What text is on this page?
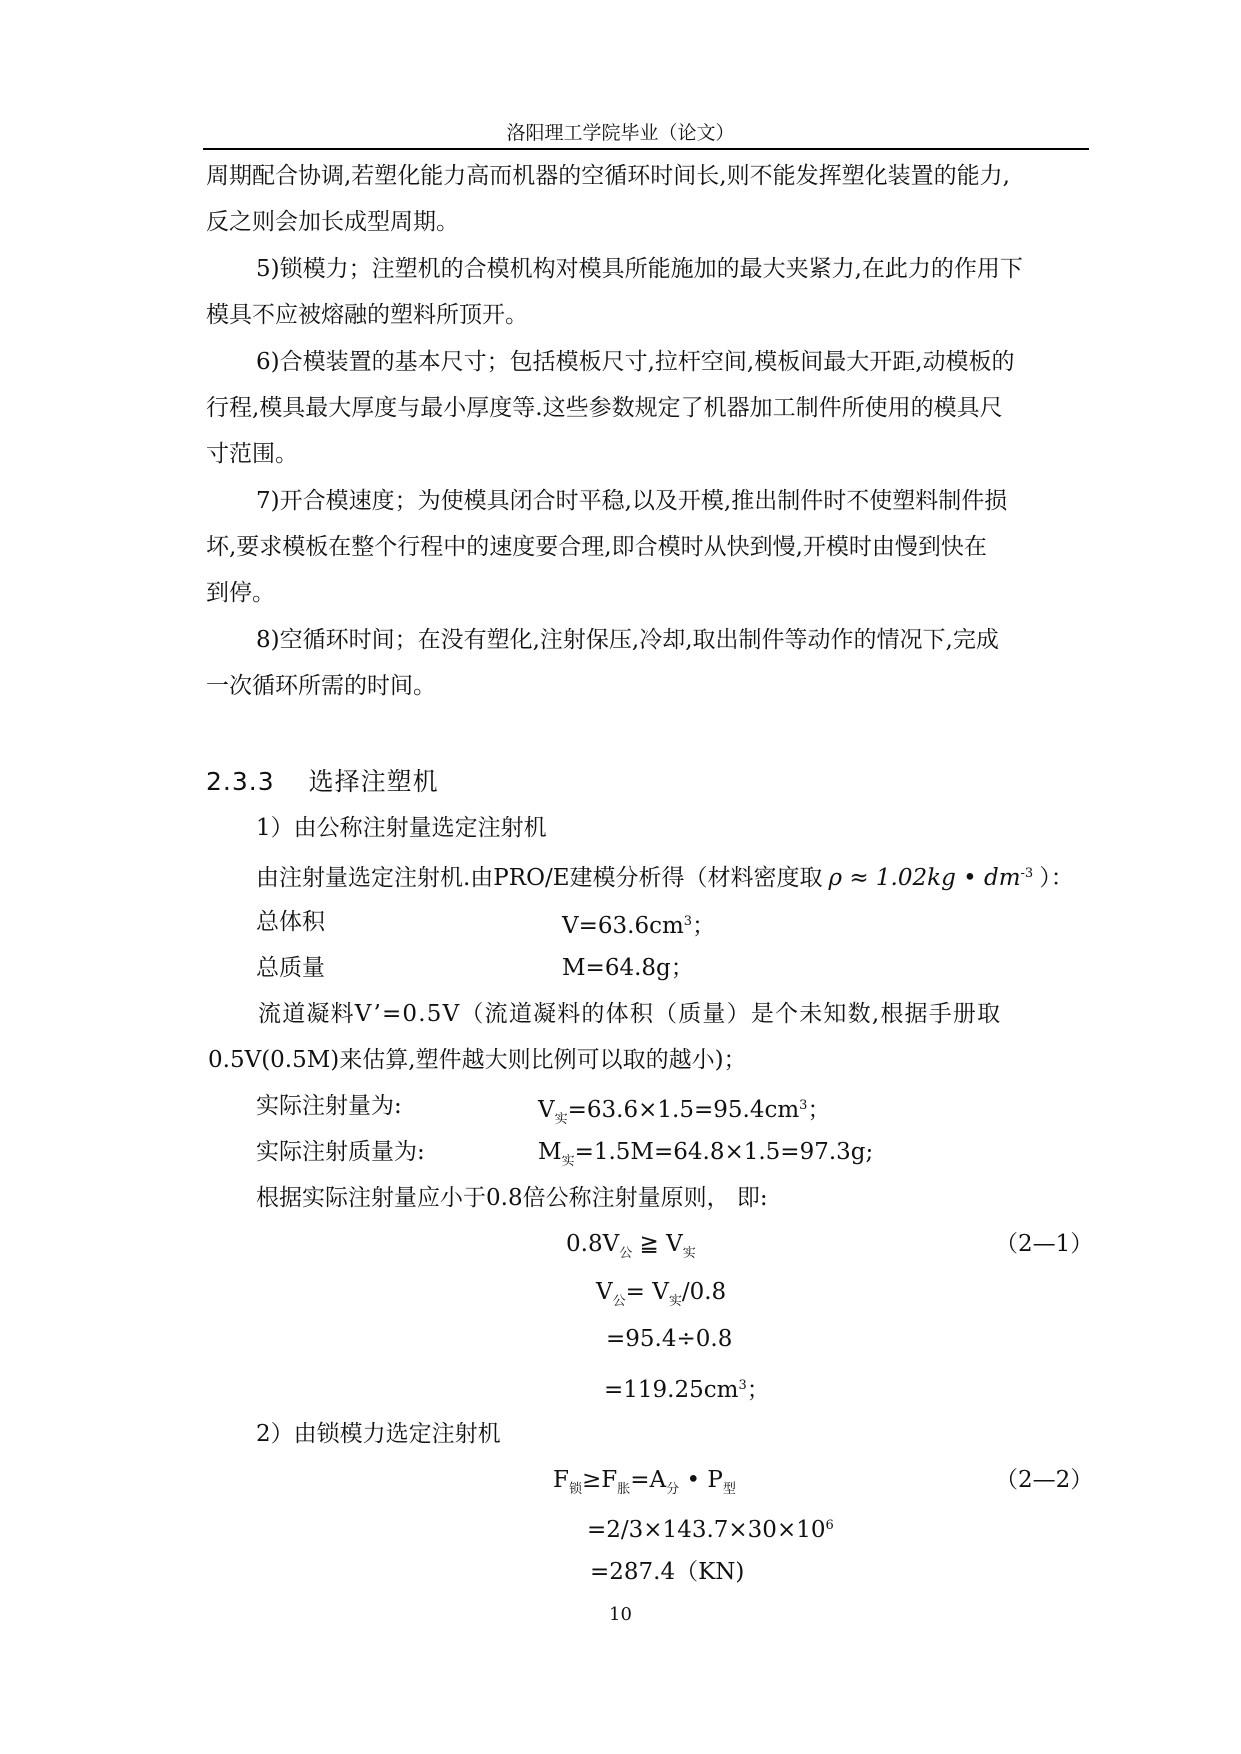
洛阳理工学院毕业（论文）
周期配合协调,若塑化能力高而机器的空循环时间长,则不能发挥塑化装置的能力,
反之则会加长成型周期。
5)锁模力；注塑机的合模机构对模具所能施加的最大夹紧力,在此力的作用下
模具不应被熔融的塑料所顶开。
6)合模装置的基本尺寸；包括模板尺寸,拉杆空间,模板间最大开距,动模板的
行程,模具最大厚度与最小厚度等.这些参数规定了机器加工制件所使用的模具尺
寸范围。
7)开合模速度；为使模具闭合时平稳,以及开模,推出制件时不使塑料制件损
坏,要求模板在整个行程中的速度要合理,即合模时从快到慢,开模时由慢到快在
到停。
8)空循环时间；在没有塑化,注射保压,冷却,取出制件等动作的情况下,完成
一次循环所需的时间。
2.3.3 选择注塑机
1）由公称注射量选定注射机
由注射量选定注射机.由PRO/E建模分析得（材料密度取 ρ ≈ 1.02kg • $dm^{-3}$ ）：
总体积	$V=63.6cm^3$；
总质量	M=64.8g；
流道凝料V’=0.5V（流道凝料的体积（质量）是个未知数,根据手册取
0.5V(0.5M)来估算,塑件越大则比例可以取的越小)；
实际注射量为:	$V_实=63.6\times 1.5=95.4cm^3$；
实际注射质量为:	$M_实=1.5M=64.8\times 1.5=97.3g$;
根据实际注射量应小于0.8倍公称注射量原则， 即:
$0.8V_公$ ≧ $V_实$	（2—1）
$V_公= V_实/0.8$
=95.4÷0.8
$=119.25cm^3$；
2）由锁模力选定注射机
$F_锁\ge F_胀=A_分$ • $P_型$	（2—2）
$=2/3\times 143.7\times 30\times 10^6$
=287.4（KN)
10
